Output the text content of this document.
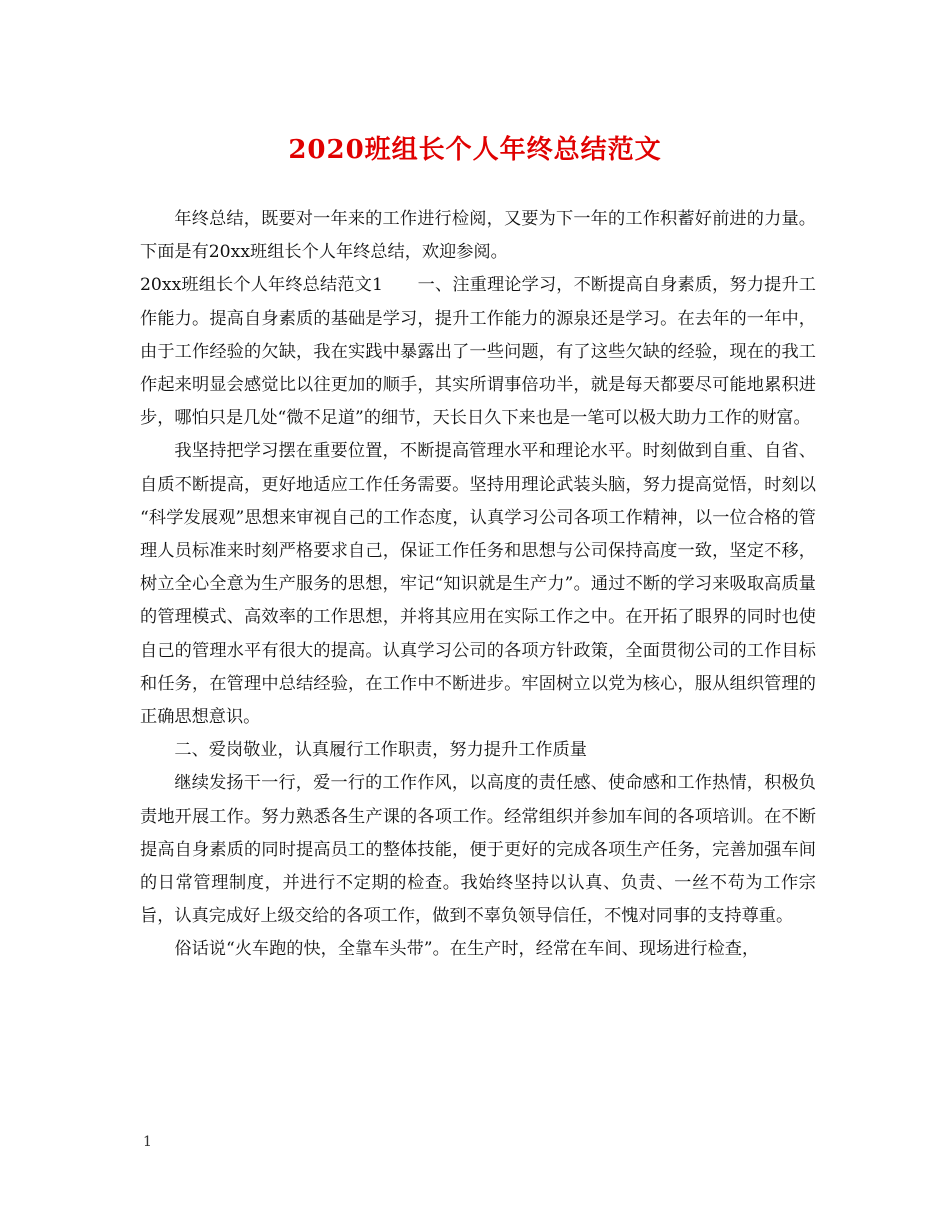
2020班组长个人年终总结范文

年终总结，既要对一年来的工作进行检阅，又要为下一年的工作积蓄好前进的力量。下面是有20xx班组长个人年终总结，欢迎参阅。

20xx班组长个人年终总结范文1　　一、注重理论学习，不断提高自身素质，努力提升工作能力。提高自身素质的基础是学习，提升工作能力的源泉还是学习。在去年的一年中，由于工作经验的欠缺，我在实践中暴露出了一些问题，有了这些欠缺的经验，现在的我工作起来明显会感觉比以往更加的顺手，其实所谓事倍功半，就是每天都要尽可能地累积进步，哪怕只是几处“微不足道”的细节，天长日久下来也是一笔可以极大助力工作的财富。

我坚持把学习摆在重要位置，不断提高管理水平和理论水平。时刻做到自重、自省、自质不断提高，更好地适应工作任务需要。坚持用理论武装头脑，努力提高觉悟，时刻以 “科学发展观”思想来审视自己的工作态度，认真学习公司各项工作精神，以一位合格的管理人员标准来时刻严格要求自己，保证工作任务和思想与公司保持高度一致，坚定不移，树立全心全意为生产服务的思想，牢记“知识就是生产力”。通过不断的学习来吸取高质量的管理模式、高效率的工作思想，并将其应用在实际工作之中。在开拓了眼界的同时也使自己的管理水平有很大的提高。认真学习公司的各项方针政策，全面贯彻公司的工作目标和任务，在管理中总结经验，在工作中不断进步。牢固树立以党为核心，服从组织管理的正确思想意识。

二、爱岗敬业，认真履行工作职责，努力提升工作质量

继续发扬干一行，爱一行的工作作风，以高度的责任感、使命感和工作热情，积极负责地开展工作。努力熟悉各生产课的各项工作。经常组织并参加车间的各项培训。在不断提高自身素质的同时提高员工的整体技能，便于更好的完成各项生产任务，完善加强车间的日常管理制度，并进行不定期的检查。我始终坚持以认真、负责、一丝不苟为工作宗旨，认真完成好上级交给的各项工作，做到不辜负领导信任，不愧对同事的支持尊重。

俗话说“火车跑的快，全靠车头带”。在生产时，经常在车间、现场进行检查，

1
